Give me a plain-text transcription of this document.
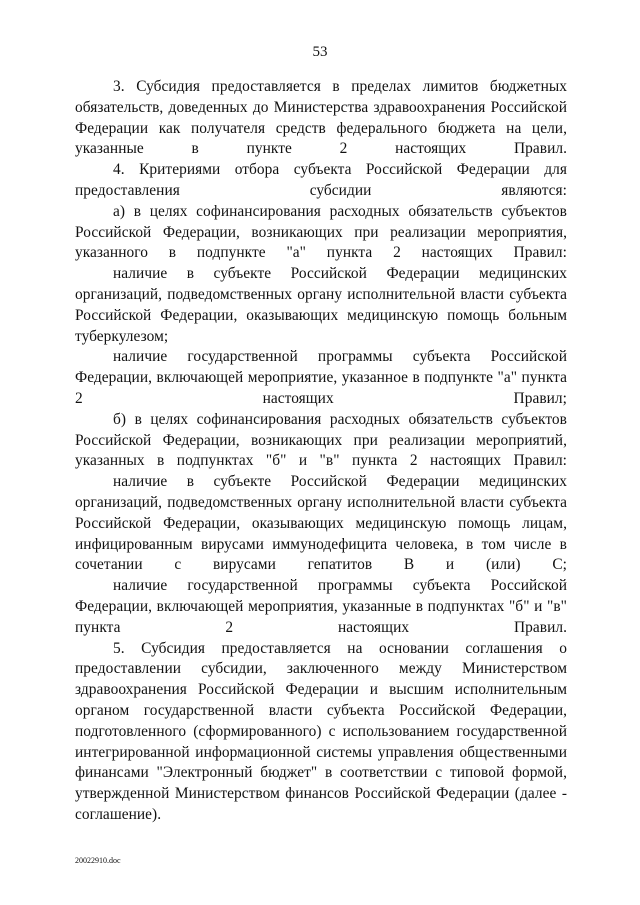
53

3. Субсидия предоставляется в пределах лимитов бюджетных обязательств, доведенных до Министерства здравоохранения Российской Федерации как получателя средств федерального бюджета на цели, указанные в пункте 2 настоящих Правил.

4. Критериями отбора субъекта Российской Федерации для предоставления субсидии являются:

а) в целях софинансирования расходных обязательств субъектов Российской Федерации, возникающих при реализации мероприятия, указанного в подпункте "а" пункта 2 настоящих Правил:

наличие в субъекте Российской Федерации медицинских организаций, подведомственных органу исполнительной власти субъекта Российской Федерации, оказывающих медицинскую помощь больным туберкулезом;

наличие государственной программы субъекта Российской Федерации, включающей мероприятие, указанное в подпункте "а" пункта 2 настоящих Правил;

б) в целях софинансирования расходных обязательств субъектов Российской Федерации, возникающих при реализации мероприятий, указанных в подпунктах "б" и "в" пункта 2 настоящих Правил:

наличие в субъекте Российской Федерации медицинских организаций, подведомственных органу исполнительной власти субъекта Российской Федерации, оказывающих медицинскую помощь лицам, инфицированным вирусами иммунодефицита человека, в том числе в сочетании с вирусами гепатитов В и (или) С;

наличие государственной программы субъекта Российской Федерации, включающей мероприятия, указанные в подпунктах "б" и "в" пункта 2 настоящих Правил.

5. Субсидия предоставляется на основании соглашения о предоставлении субсидии, заключенного между Министерством здравоохранения Российской Федерации и высшим исполнительным органом государственной власти субъекта Российской Федерации, подготовленного (сформированного) с использованием государственной интегрированной информационной системы управления общественными финансами "Электронный бюджет" в соответствии с типовой формой, утвержденной Министерством финансов Российской Федерации (далее - соглашение).

20022910.doc
